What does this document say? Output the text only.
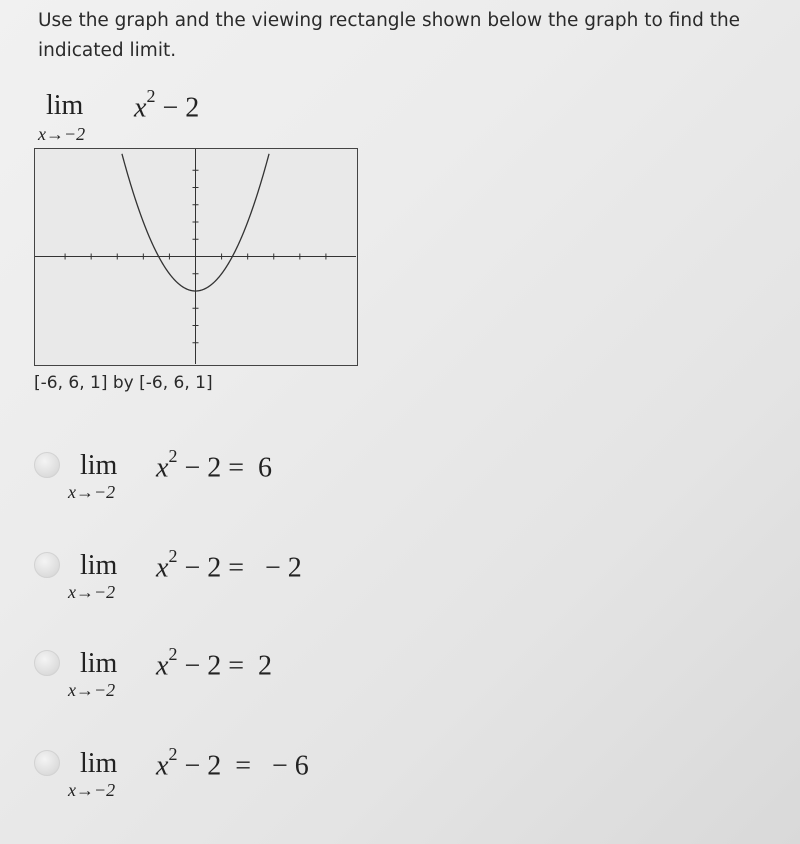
Use the graph and the viewing rectangle shown below the graph to find the indicated limit.
lim
x→−2
$x^2 - 2$
[-6, 6, 1] by [-6, 6, 1]
lim
x→−2
$x^2 - 2 = 6$
lim
x→−2
$x^2 - 2$ =   − 2
lim
x→−2
$x^2 - 2 = 2$
lim
x→−2
$x^2 - 2$  =   − 6
